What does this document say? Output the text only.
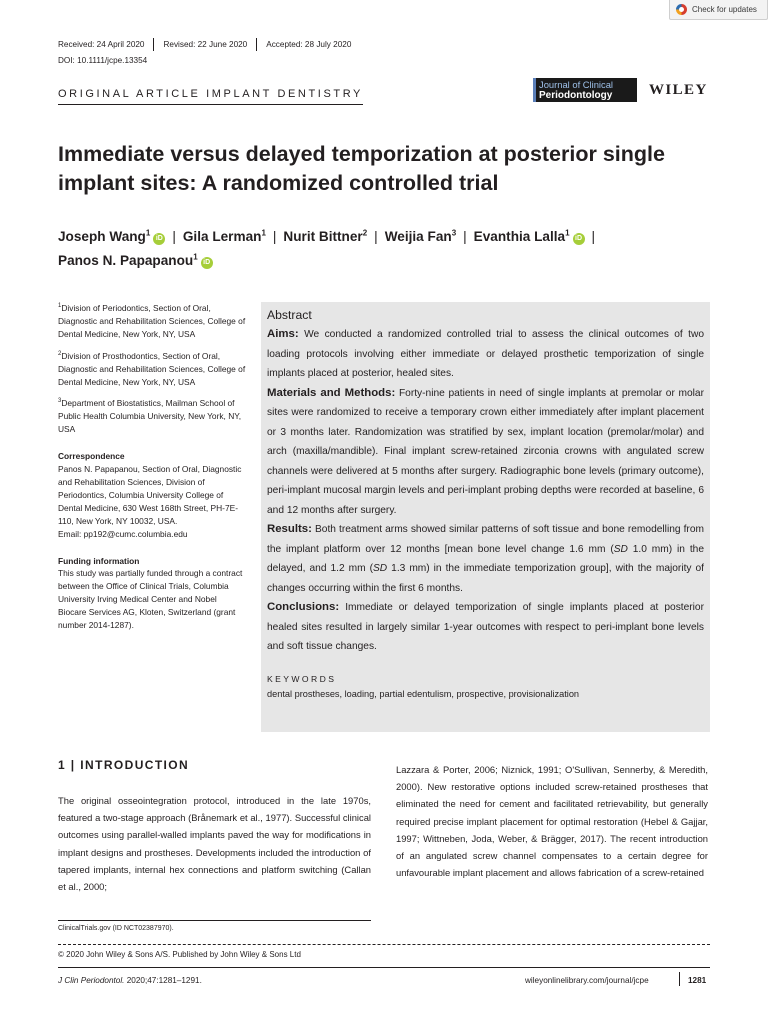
Check for updates
Received: 24 April 2020 Revised: 22 June 2020 Accepted: 28 July 2020
DOI: 10.1111/jcpe.13354
ORIGINAL ARTICLE IMPLANT DENTISTRY
Journal of Clinical
Periodontology	WILEY
Immediate versus delayed temporization at posterior single implant sites: A randomized controlled trial
Joseph Wang$^1$iD | Gila Lerman$^1$ | Nurit Bittner$^2$ | Weijia Fan$^3$ | Evanthia Lalla$^1$iD |
Panos N. Papapanou$^1$iD
$^1$Division of Periodontics, Section of Oral, Diagnostic and Rehabilitation Sciences, College of Dental Medicine, New York, NY, USA
$^2$Division of Prosthodontics, Section of Oral, Diagnostic and Rehabilitation Sciences, College of Dental Medicine, New York, NY, USA
$^3$Department of Biostatistics, Mailman School of Public Health Columbia University, New York, NY, USA
Correspondence
Panos N. Papapanou, Section of Oral, Diagnostic and Rehabilitation Sciences, Division of Periodontics, Columbia University College of Dental Medicine, 630 West 168th Street, PH-7E-110, New York, NY 10032, USA.
Email: pp192@cumc.columbia.edu
Funding information
This study was partially funded through a contract between the Office of Clinical Trials, Columbia University Irving Medical Center and Nobel Biocare Services AG, Kloten, Switzerland (grant number 2014-1287).
Abstract

Aims: We conducted a randomized controlled trial to assess the clinical outcomes of two loading protocols involving either immediate or delayed prosthetic temporization of single implants placed at posterior, healed sites.

Materials and Methods: Forty-nine patients in need of single implants at premolar or molar sites were randomized to receive a temporary crown either immediately after implant placement or 3 months later. Randomization was stratified by sex, implant location (premolar/molar) and arch (maxilla/mandible). Final implant screw-retained zirconia crowns with angulated screw channels were delivered at 5 months after surgery. Radiographic bone levels (primary outcome), peri-implant mucosal margin levels and peri-implant probing depths were recorded at baseline, 6 and 12 months after surgery.

Results: Both treatment arms showed similar patterns of soft tissue and bone remodelling from the implant platform over 12 months [mean bone level change 1.6 mm (SD 1.0 mm) in the delayed, and 1.2 mm (SD 1.3 mm) in the immediate temporization group], with the majority of changes occurring within the first 6 months.

Conclusions: Immediate or delayed temporization of single implants placed at posterior healed sites resulted in largely similar 1-year outcomes with respect to peri-implant bone levels and soft tissue changes.

KEYWORDS
dental prostheses, loading, partial edentulism, prospective, provisionalization
1 | INTRODUCTION
The original osseointegration protocol, introduced in the late 1970s, featured a two-stage approach (Brånemark et al., 1977). Successful clinical outcomes using parallel-walled implants paved the way for modifications in implant designs and prostheses. Developments included the introduction of tapered implants, internal hex connections and platform switching (Callan et al., 2000;
Lazzara & Porter, 2006; Niznick, 1991; O'Sullivan, Sennerby, & Meredith, 2000). New restorative options included screw-retained prostheses that eliminated the need for cement and facilitated retrievability, but generally required precise implant placement for optimal restoration (Hebel & Gajjar, 1997; Wittneben, Joda, Weber, & Brägger, 2017). The recent introduction of an angulated screw channel compensates to a certain degree for unfavourable implant placement and allows fabrication of a screw-retained
ClinicalTrials.gov (ID NCT02387970).
© 2020 John Wiley & Sons A/S. Published by John Wiley & Sons Ltd
J Clin Periodontol. 2020;47:1281–1291.	wileyonlinelibrary.com/journal/jcpe	1281
